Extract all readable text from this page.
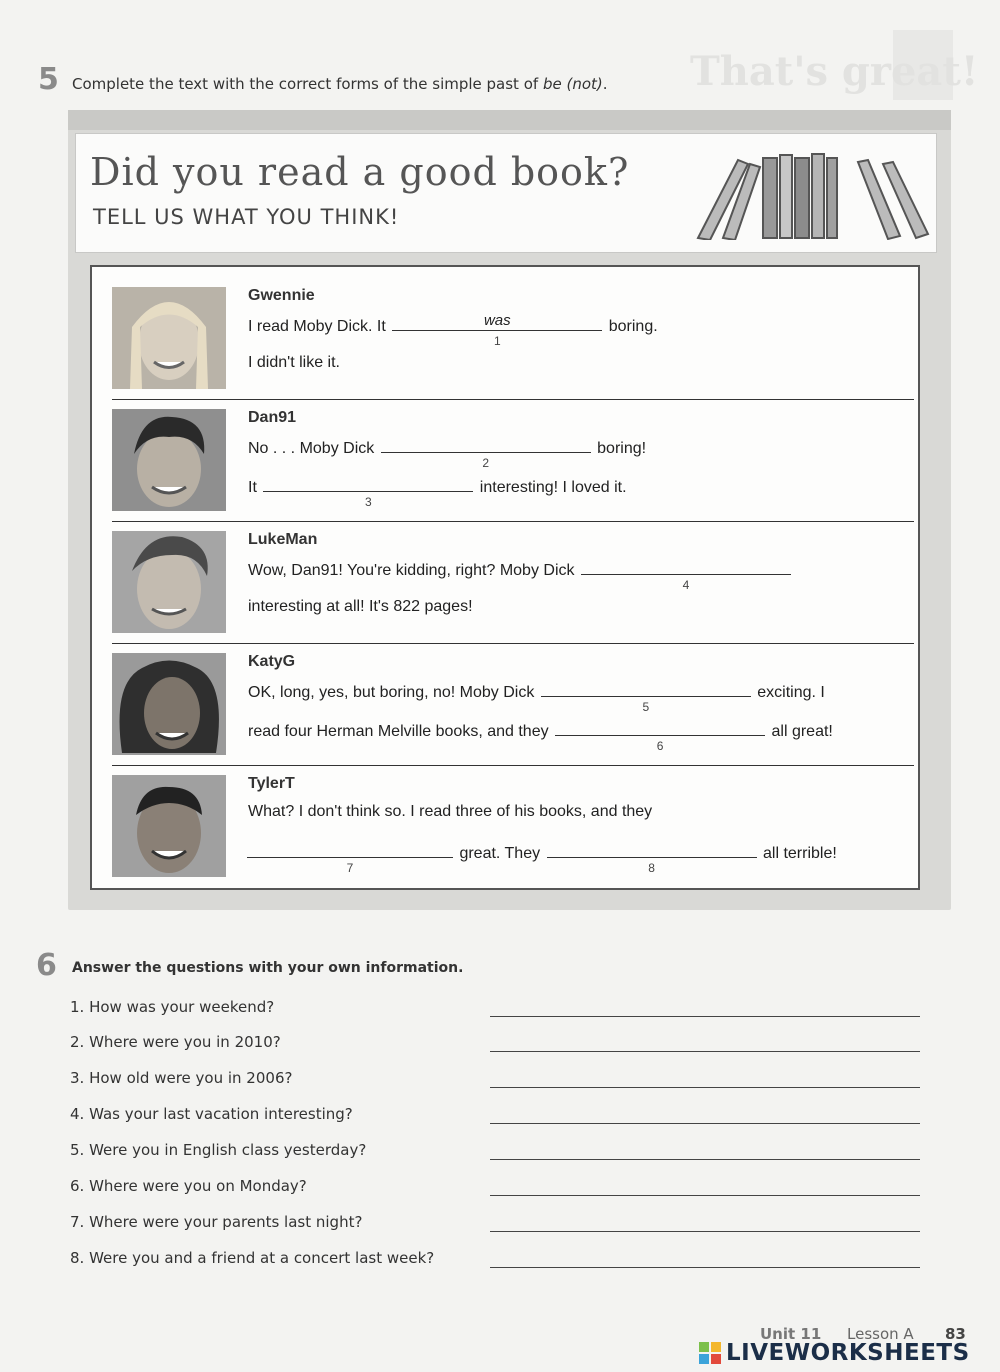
That's great!
5 Complete the text with the correct forms of the simple past of be (not).
Did you read a good book?
TELL US WHAT YOU THINK!
Gwennie
I read Moby Dick. It	was
1
boring.
I didn't like it.
Dan91
No . . . Moby Dick
2
boring!
It
3
interesting! I loved it.
LukeMan
Wow, Dan91! You're kidding, right? Moby Dick
4
interesting at all! It's 822 pages!
KatyG
OK, long, yes, but boring, no! Moby Dick
5
exciting. I
read four Herman Melville books, and they
6
all great!
TylerT
What? I don't think so. I read three of his books, and they
7
great. They
8
all terrible!
6 Answer the questions with your own information.
1. How was your weekend?
2. Where were you in 2010?
3. How old were you in 2006?
4. Was your last vacation interesting?
5. Were you in English class yesterday?
6. Where were you on Monday?
7. Where were your parents last night?
8. Were you and a friend at a concert last week?
Unit 11 Lesson A 83
LIVEWORKSHEETS
